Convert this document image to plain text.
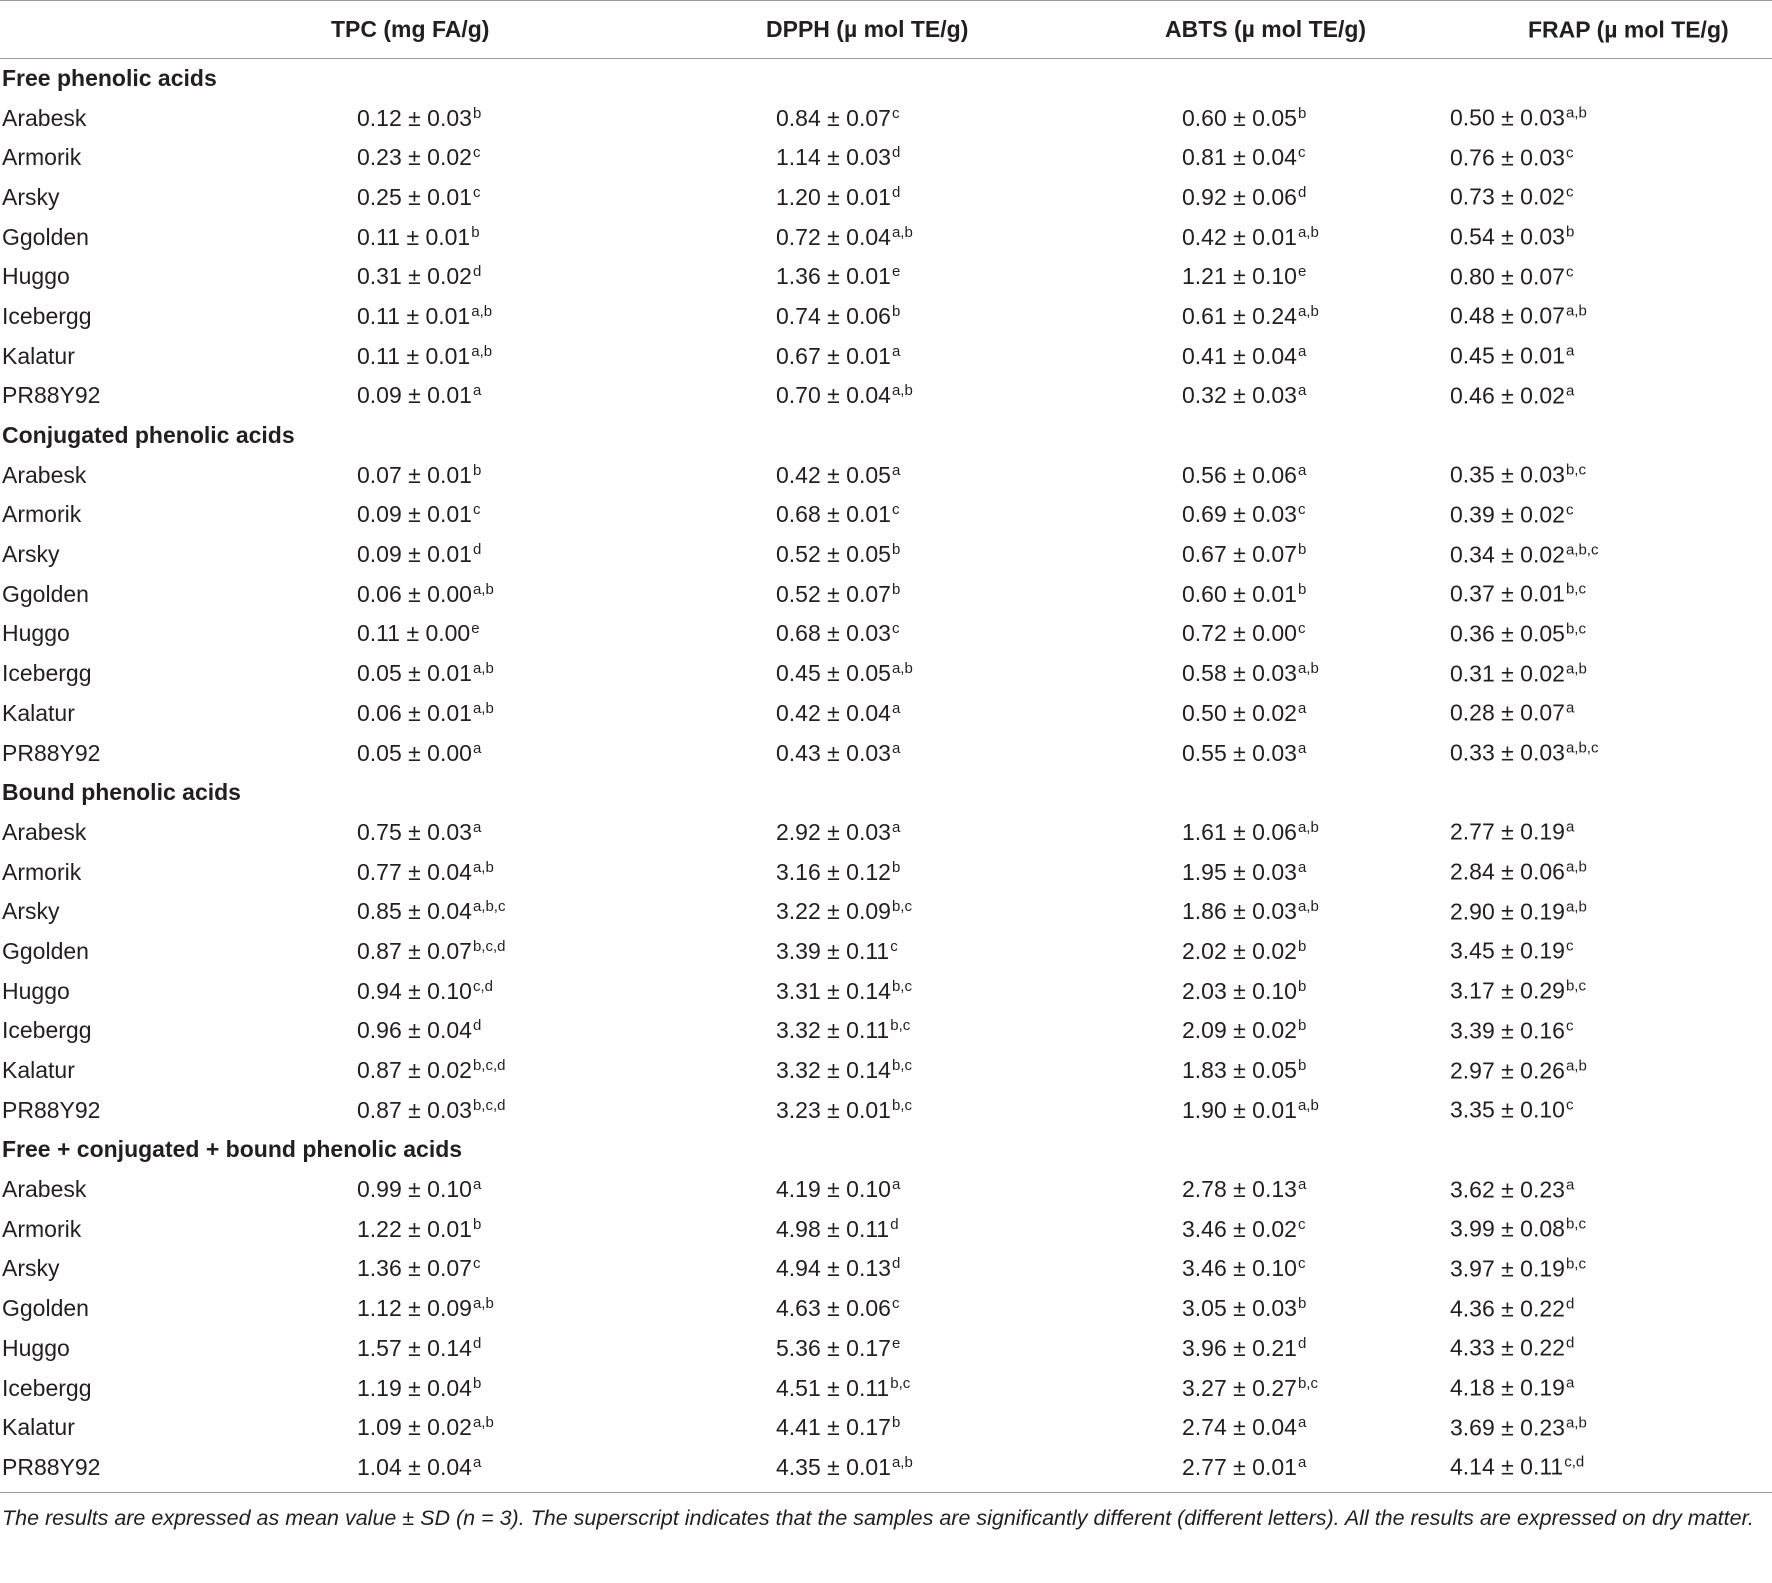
	TPC (mg FA/g)	DPPH (µ mol TE/g)	ABTS (µ mol TE/g)	FRAP (µ mol TE/g)

Free phenolic acids				
Arabesk	0.12 ± 0.03$^b$	0.84 ± 0.07$^c$	0.60 ± 0.05$^b$	$0.50 \pm 0.03^{a,b}$

Armorik	0.23 ± 0.02$^c$	1.14 ± 0.03$^d$	0.81 ± 0.04$^c$	0.76 ± 0.03$^c$

Arsky	0.25 ± 0.01$^c$	1.20 ± 0.01$^d$	0.92 ± 0.06$^d$	0.73 ± 0.02$^c$

Ggolden	0.11 ± 0.01$^b$	$0.72 \pm 0.04^{a,b}$	$0.42 \pm 0.01^{a,b}$	0.54 ± 0.03$^b$

Huggo	0.31 ± 0.02$^d$	1.36 ± 0.01$^e$	1.21 ± 0.10$^e$	0.80 ± 0.07$^c$

Icebergg	$0.11 \pm 0.01^{a,b}$	0.74 ± 0.06$^b$	$0.61 \pm 0.24^{a,b}$	$0.48 \pm 0.07^{a,b}$

Kalatur	$0.11 \pm 0.01^{a,b}$	0.67 ± 0.01$^a$	0.41 ± 0.04$^a$	0.45 ± 0.01$^a$

PR88Y92	0.09 ± 0.01$^a$	$0.70 \pm 0.04^{a,b}$	0.32 ± 0.03$^a$	0.46 ± 0.02$^a$

Conjugated phenolic acids				
Arabesk	0.07 ± 0.01$^b$	0.42 ± 0.05$^a$	0.56 ± 0.06$^a$	$0.35 \pm 0.03^{b,c}$

Armorik	0.09 ± 0.01$^c$	0.68 ± 0.01$^c$	0.69 ± 0.03$^c$	0.39 ± 0.02$^c$

Arsky	0.09 ± 0.01$^d$	0.52 ± 0.05$^b$	0.67 ± 0.07$^b$	$0.34 \pm 0.02^{a,b,c}$

Ggolden	$0.06 \pm 0.00^{a,b}$	0.52 ± 0.07$^b$	0.60 ± 0.01$^b$	$0.37 \pm 0.01^{b,c}$

Huggo	0.11 ± 0.00$^e$	0.68 ± 0.03$^c$	0.72 ± 0.00$^c$	$0.36 \pm 0.05^{b,c}$

Icebergg	$0.05 \pm 0.01^{a,b}$	$0.45 \pm 0.05^{a,b}$	$0.58 \pm 0.03^{a,b}$	$0.31 \pm 0.02^{a,b}$

Kalatur	$0.06 \pm 0.01^{a,b}$	0.42 ± 0.04$^a$	0.50 ± 0.02$^a$	0.28 ± 0.07$^a$

PR88Y92	0.05 ± 0.00$^a$	0.43 ± 0.03$^a$	0.55 ± 0.03$^a$	$0.33 \pm 0.03^{a,b,c}$

Bound phenolic acids				
Arabesk	0.75 ± 0.03$^a$	2.92 ± 0.03$^a$	$1.61 \pm 0.06^{a,b}$	2.77 ± 0.19$^a$

Armorik	$0.77 \pm 0.04^{a,b}$	3.16 ± 0.12$^b$	1.95 ± 0.03$^a$	$2.84 \pm 0.06^{a,b}$

Arsky	$0.85 \pm 0.04^{a,b,c}$	$3.22 \pm 0.09^{b,c}$	$1.86 \pm 0.03^{a,b}$	$2.90 \pm 0.19^{a,b}$

Ggolden	$0.87 \pm 0.07^{b,c,d}$	3.39 ± 0.11$^c$	2.02 ± 0.02$^b$	3.45 ± 0.19$^c$

Huggo	$0.94 \pm 0.10^{c,d}$	$3.31 \pm 0.14^{b,c}$	2.03 ± 0.10$^b$	$3.17 \pm 0.29^{b,c}$

Icebergg	0.96 ± 0.04$^d$	$3.32 \pm 0.11^{b,c}$	2.09 ± 0.02$^b$	3.39 ± 0.16$^c$

Kalatur	$0.87 \pm 0.02^{b,c,d}$	$3.32 \pm 0.14^{b,c}$	1.83 ± 0.05$^b$	$2.97 \pm 0.26^{a,b}$

PR88Y92	$0.87 \pm 0.03^{b,c,d}$	$3.23 \pm 0.01^{b,c}$	$1.90 \pm 0.01^{a,b}$	3.35 ± 0.10$^c$

Free + conjugated + bound phenolic acids				
Arabesk	0.99 ± 0.10$^a$	4.19 ± 0.10$^a$	2.78 ± 0.13$^a$	3.62 ± 0.23$^a$

Armorik	1.22 ± 0.01$^b$	4.98 ± 0.11$^d$	3.46 ± 0.02$^c$	$3.99 \pm 0.08^{b,c}$

Arsky	1.36 ± 0.07$^c$	4.94 ± 0.13$^d$	3.46 ± 0.10$^c$	$3.97 \pm 0.19^{b,c}$

Ggolden	$1.12 \pm 0.09^{a,b}$	4.63 ± 0.06$^c$	3.05 ± 0.03$^b$	4.36 ± 0.22$^d$

Huggo	1.57 ± 0.14$^d$	5.36 ± 0.17$^e$	3.96 ± 0.21$^d$	4.33 ± 0.22$^d$

Icebergg	1.19 ± 0.04$^b$	$4.51 \pm 0.11^{b,c}$	$3.27 \pm 0.27^{b,c}$	4.18 ± 0.19$^a$

Kalatur	$1.09 \pm 0.02^{a,b}$	4.41 ± 0.17$^b$	2.74 ± 0.04$^a$	$3.69 \pm 0.23^{a,b}$

PR88Y92	1.04 ± 0.04$^a$	$4.35 \pm 0.01^{a,b}$	2.77 ± 0.01$^a$	$4.14 \pm 0.11^{c,d}$
The results are expressed as mean value ± SD (n = 3). The superscript indicates that the samples are significantly different (different letters). All the results are expressed on dry matter.
